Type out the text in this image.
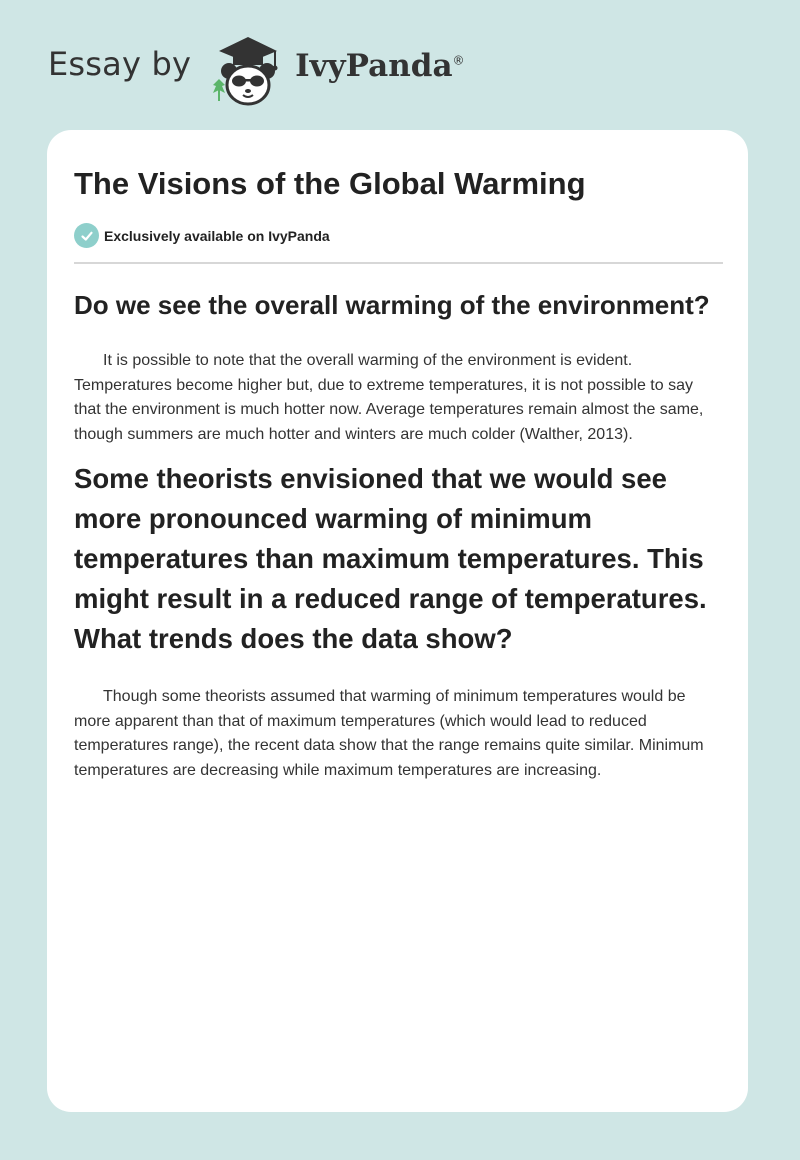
Essay by	IvyPanda®
The Visions of the Global Warming
Exclusively available on IvyPanda
Do we see the overall warming of the environment?

It is possible to note that the overall warming of the environment is evident. Temperatures become higher but, due to extreme temperatures, it is not possible to say that the environment is much hotter now. Average temperatures remain almost the same, though summers are much hotter and winters are much colder (Walther, 2013).

Some theorists envisioned that we would see more pronounced warming of minimum temperatures than maximum temperatures. This might result in a reduced range of temperatures. What trends does the data show?

Though some theorists assumed that warming of minimum temperatures would be more apparent than that of maximum temperatures (which would lead to reduced temperatures range), the recent data show that the range remains quite similar. Minimum temperatures are decreasing while maximum temperatures are increasing.
